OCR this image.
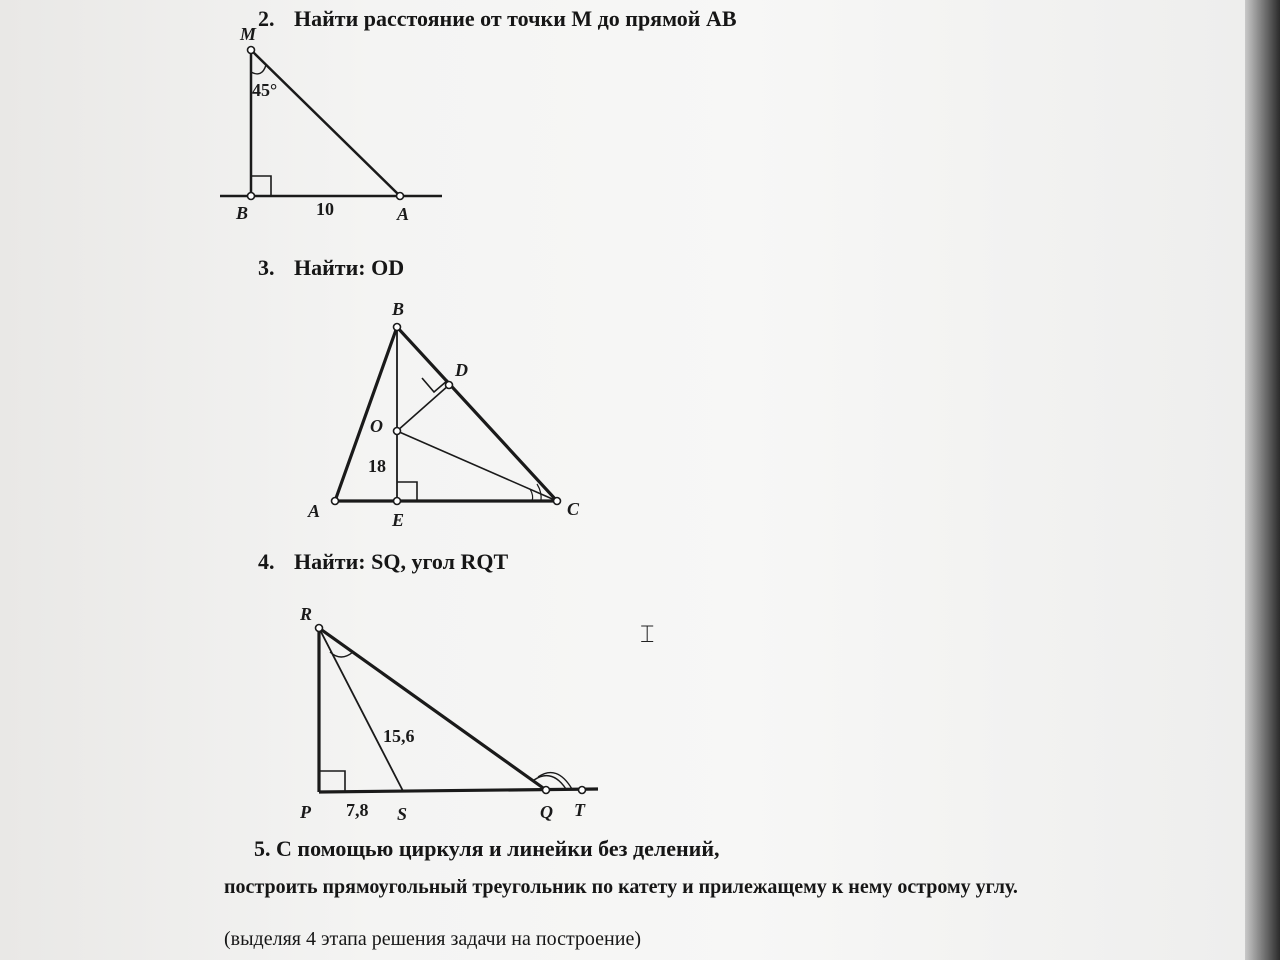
2. Найти расстояние от точки М до прямой АВ
3. Найти: OD
4. Найти: SQ, угол RQT
5. С помощью циркуля и линейки без делений,
построить прямоугольный треугольник по катету и прилежащему к нему острому углу.
(выделяя 4 этапа решения задачи на построение)
M
B	A
45°
10
B
D
O
A	E
C
18
R
P	S	Q T
7,8
15,6
⌶
